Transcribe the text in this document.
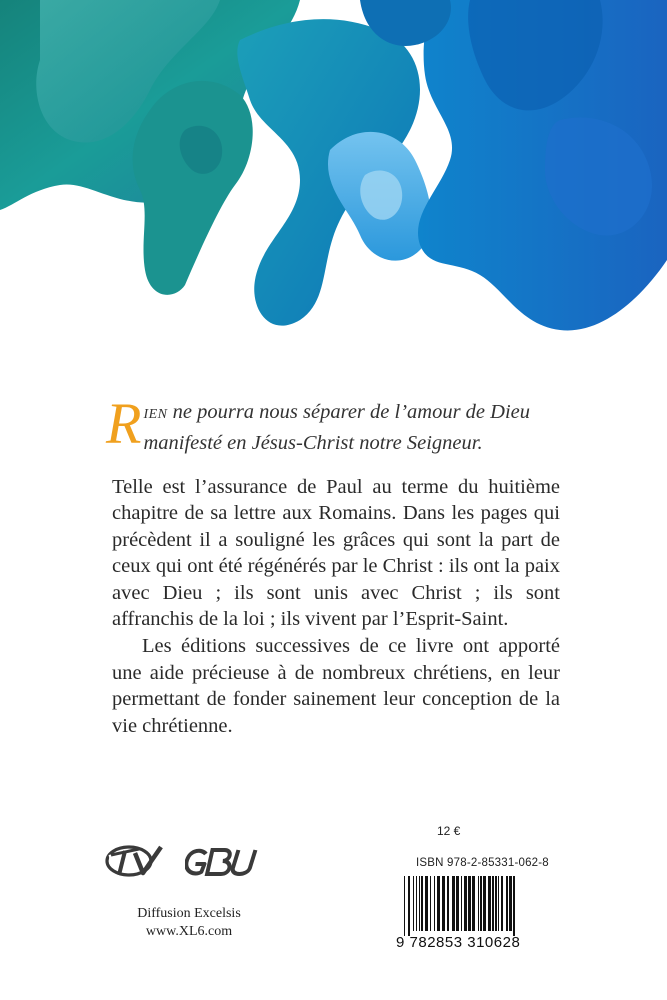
RIEN ne pourra nous séparer de l’amour de Dieu manifesté en Jésus-Christ notre Seigneur.

Telle est l’assurance de Paul au terme du huitième chapitre de sa lettre aux Romains. Dans les pages qui précèdent il a souligné les grâces qui sont la part de ceux qui ont été régénérés par le Christ : ils ont la paix avec Dieu ; ils sont unis avec Christ ; ils sont affranchis de la loi ; ils vivent par l’Esprit-Saint.

Les éditions successives de ce livre ont apporté une aide précieuse à de nombreux chrétiens, en leur permettant de fonder sainement leur conception de la vie chrétienne.

Diffusion Excelsis
www.XL6.com
12 €
ISBN 978-2-85331-062-8
9 782853 310628
